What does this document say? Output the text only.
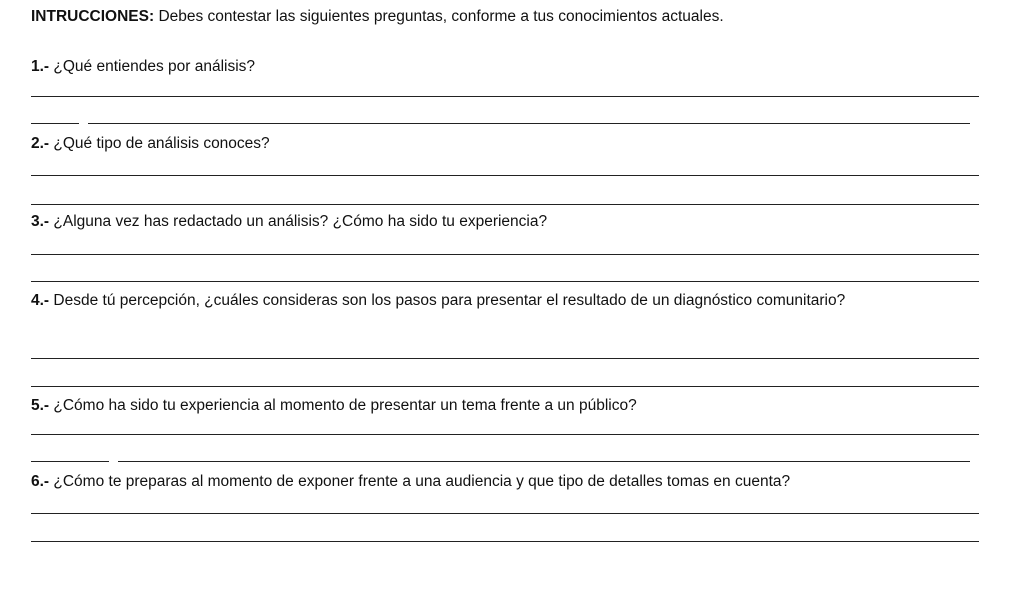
INTRUCCIONES: Debes contestar las siguientes preguntas, conforme a tus conocimientos actuales.

1.- ¿Qué entiendes por análisis?

2.- ¿Qué tipo de análisis conoces?

3.- ¿Alguna vez has redactado un análisis? ¿Cómo ha sido tu experiencia?

4.- Desde tú percepción, ¿cuáles consideras son los pasos para presentar el resultado de un diagnóstico comunitario?

5.- ¿Cómo ha sido tu experiencia al momento de presentar un tema frente a un público?

6.- ¿Cómo te preparas al momento de exponer frente a una audiencia y que tipo de detalles tomas en cuenta?
